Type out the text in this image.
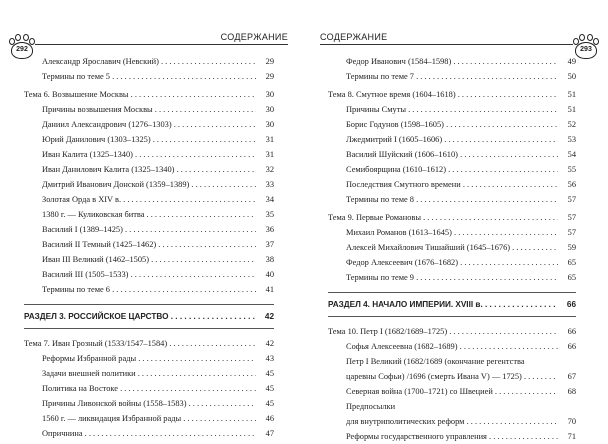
292
СОДЕРЖАНИЕ
Александр Ярославич (Невский) . . .	29
Термины по теме 5 . . .	29
Тема 6. Возвышение Москвы . . .	30
Причины возвышения Москвы . . .	30
Даниил Александрович (1276–1303) . . .	30
Юрий Данилович (1303–1325) . . .	31
Иван Калита (1325–1340) . . .	31
Иван Данилович Калита (1325–1340) . . .	32
Дмитрий Иванович Донской (1359–1389) . . .	33
Золотая Орда в XIV в. . . .	34
1380 г. — Куликовская битва . . .	35
Василий I (1389–1425) . . .	36
Василий II Темный (1425–1462) . . .	37
Иван III Великий (1462–1505) . . .	38
Василий III (1505–1533) . . .	40
Термины по теме 6 . . .	41
РАЗДЕЛ 3. РОССИЙСКОЕ ЦАРСТВО . . .	42
Тема 7. Иван Грозный (1533/1547–1584) . . .	42
Реформы Избранной рады . . .	43
Задачи внешней политики . . .	45
Политика на Востоке . . .	45
Причины Ливонской войны (1558–1583) . . .	45
1560 г. — ликвидация Избранной рады . . .	46
Опричнина . . .	47
293
СОДЕРЖАНИЕ
Федор Иванович (1584–1598) . . .	49
Термины по теме 7 . . .	50
Тема 8. Смутное время (1604–1618) . . .	51
Причины Смуты . . .	51
Борис Годунов (1598–1605) . . .	52
Лжедмитрий I (1605–1606) . . .	53
Василий Шуйский (1606–1610) . . .	54
Семибоярщина (1610–1612) . . .	55
Последствия Смутного времени . . .	56
Термины по теме 8 . . .	57
Тема 9. Первые Романовы . . .	57
Михаил Романов (1613–1645) . . .	57
Алексей Михайлович Тишайший (1645–1676) . . .	59
Федор Алексеевич (1676–1682) . . .	65
Термины по теме 9 . . .	65
РАЗДЕЛ 4. НАЧАЛО ИМПЕРИИ. XVIII в. . . .	66
Тема 10. Петр I (1682/1689–1725) . . .	66
Софья Алексеевна (1682–1689) . . .	66
Петр I Великий (1682/1689 (окончание регентства
царевны Софьи) /1696 (смерть Ивана V) — 1725) . . .	67
Северная война (1700–1721) со Швецией . . .	68
Предпосылки
для внутриполитических реформ . . .	70
Реформы государственного управления . . .	71
